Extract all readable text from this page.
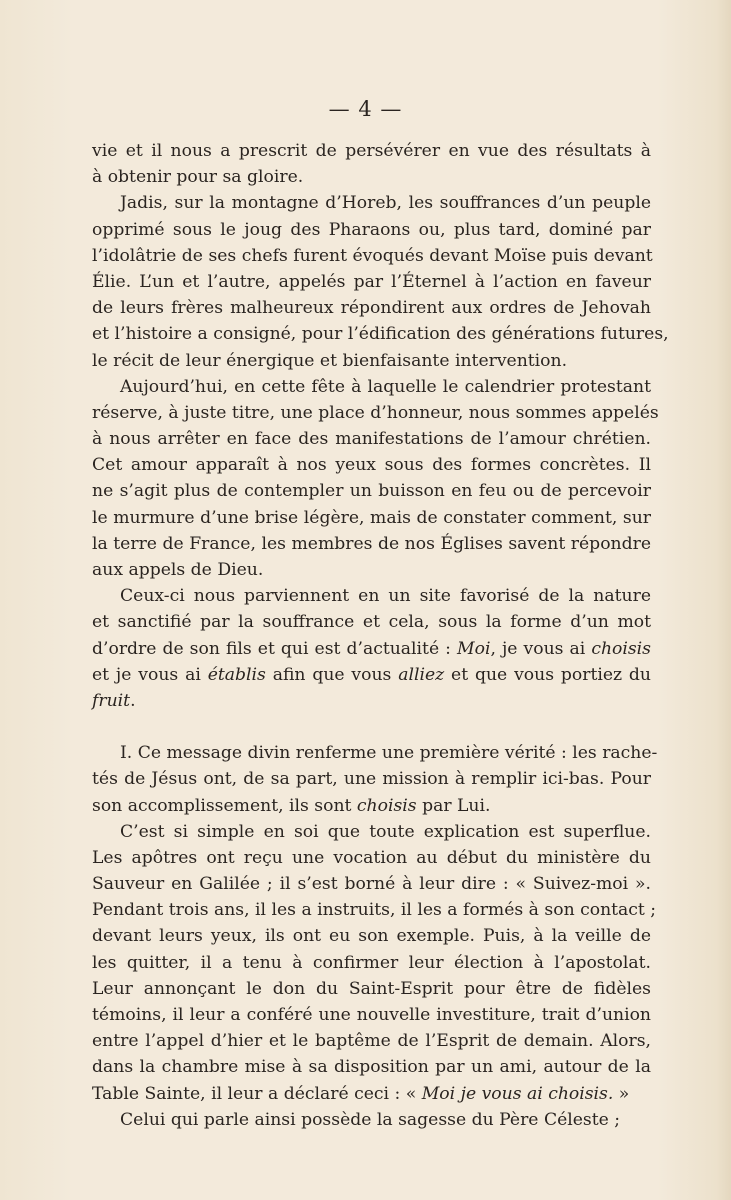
— 4 —
vie et il nous a prescrit de persévérer en vue des résultats à
à obtenir pour sa gloire.
Jadis, sur la montagne d’Horeb, les souffrances d’un peuple
opprimé sous le joug des Pharaons ou, plus tard, dominé par
l’idolâtrie de ses chefs furent évoqués devant Moïse puis devant
Élie. L’un et l’autre, appelés par l’Éternel à l’action en faveur
de leurs frères malheureux répondirent aux ordres de Jehovah
et l’histoire a consigné, pour l’édification des générations futures,
le récit de leur énergique et bienfaisante intervention.
Aujourd’hui, en cette fête à laquelle le calendrier protestant
réserve, à juste titre, une place d’honneur, nous sommes appelés
à nous arrêter en face des manifestations de l’amour chrétien.
Cet amour apparaît à nos yeux sous des formes concrètes. Il
ne s’agit plus de contempler un buisson en feu ou de percevoir
le murmure d’une brise légère, mais de constater comment, sur
la terre de France, les membres de nos Églises savent répondre
aux appels de Dieu.
Ceux-ci nous parviennent en un site favorisé de la nature
et sanctifié par la souffrance et cela, sous la forme d’un mot
d’ordre de son fils et qui est d’actualité : Moi, je vous ai choisis
et je vous ai établis afin que vous alliez et que vous portiez du
fruit.
I. Ce message divin renferme une première vérité : les rache-
tés de Jésus ont, de sa part, une mission à remplir ici-bas. Pour
son accomplissement, ils sont choisis par Lui.
C’est si simple en soi que toute explication est superflue.
Les apôtres ont reçu une vocation au début du ministère du
Sauveur en Galilée ; il s’est borné à leur dire : « Suivez-moi ».
Pendant trois ans, il les a instruits, il les a formés à son contact ;
devant leurs yeux, ils ont eu son exemple. Puis, à la veille de
les quitter, il a tenu à confirmer leur élection à l’apostolat.
Leur annonçant le don du Saint-Esprit pour être de fidèles
témoins, il leur a conféré une nouvelle investiture, trait d’union
entre l’appel d’hier et le baptême de l’Esprit de demain. Alors,
dans la chambre mise à sa disposition par un ami, autour de la
Table Sainte, il leur a déclaré ceci : « Moi je vous ai choisis. »
Celui qui parle ainsi possède la sagesse du Père Céleste ;
